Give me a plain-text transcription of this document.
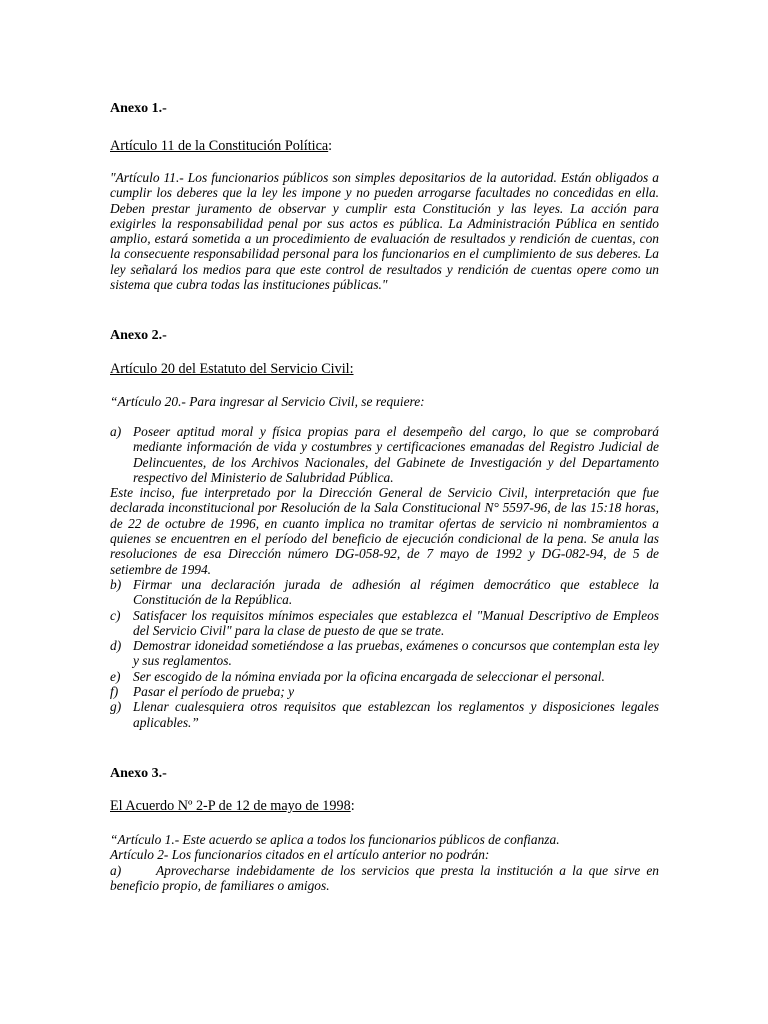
Anexo 1.-

Artículo 11 de la Constitución Política:

"Artículo 11.- Los funcionarios públicos son simples depositarios de la autoridad. Están obligados a cumplir los deberes que la ley les impone y no pueden arrogarse facultades no concedidas en ella. Deben prestar juramento de observar y cumplir esta Constitución y las leyes. La acción para exigirles la responsabilidad penal por sus actos es pública. La Administración Pública en sentido amplio, estará sometida a un procedimiento de evaluación de resultados y rendición de cuentas, con la consecuente responsabilidad personal para los funcionarios en el cumplimiento de sus deberes. La ley señalará los medios para que este control de resultados y rendición de cuentas opere como un sistema que cubra todas las instituciones públicas."

Anexo 2.-

Artículo 20 del Estatuto del Servicio Civil:

“Artículo 20.- Para ingresar al Servicio Civil, se requiere:

a) Poseer aptitud moral y física propias para el desempeño del cargo, lo que se comprobará mediante información de vida y costumbres y certificaciones emanadas del Registro Judicial de Delincuentes, de los Archivos Nacionales, del Gabinete de Investigación y del Departamento respectivo del Ministerio de Salubridad Pública.
Este inciso, fue interpretado por la Dirección General de Servicio Civil, interpretación que fue declarada inconstitucional por Resolución de la Sala Constitucional N° 5597-96, de las 15:18 horas, de 22 de octubre de 1996, en cuanto implica no tramitar ofertas de servicio ni nombramientos a quienes se encuentren en el período del beneficio de ejecución condicional de la pena. Se anula las resoluciones de esa Dirección número DG-058-92, de 7 mayo de 1992 y DG-082-94, de 5 de setiembre de 1994.
b) Firmar una declaración jurada de adhesión al régimen democrático que establece la Constitución de la República.
c) Satisfacer los requisitos mínimos especiales que establezca el "Manual Descriptivo de Empleos del Servicio Civil" para la clase de puesto de que se trate.
d) Demostrar idoneidad sometiéndose a las pruebas, exámenes o concursos que contemplan esta ley y sus reglamentos.
e) Ser escogido de la nómina enviada por la oficina encargada de seleccionar el personal.
f) Pasar el período de prueba; y
g) Llenar cualesquiera otros requisitos que establezcan los reglamentos y disposiciones legales aplicables.”

Anexo 3.-

El Acuerdo Nº 2-P de 12 de mayo de 1998:

“Artículo 1.- Este acuerdo se aplica a todos los funcionarios públicos de confianza.
Artículo 2- Los funcionarios citados en el artículo anterior no podrán:
a)	Aprovecharse indebidamente de los servicios que presta la institución a la que sirve en beneficio propio, de familiares o amigos.
